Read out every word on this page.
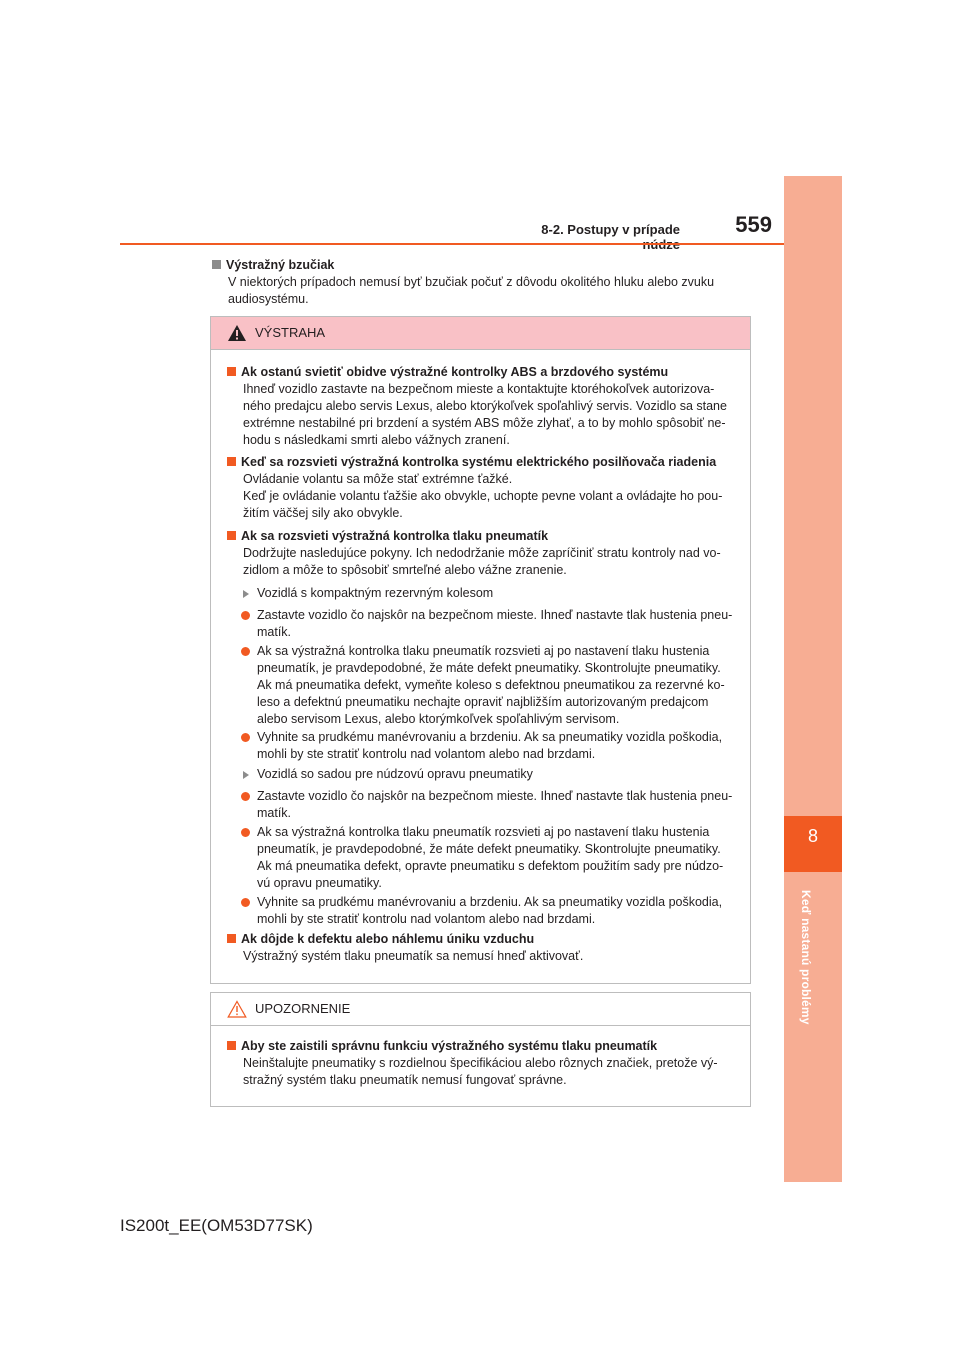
8-2. Postupy v prípade	559
8
Keď nastanú problémy
Výstražný bzučiak
V niektorých prípadoch nemusí byť bzučiak počuť z dôvodu okolitého hluku alebo zvuku
audiosystému.
VÝSTRAHA
Ak ostanú svietiť obidve výstražné kontrolky ABS a brzdového systému
Ihneď vozidlo zastavte na bezpečnom mieste a kontaktujte ktoréhokoľvek autorizova-
ného predajcu alebo servis Lexus, alebo ktorýkoľvek spoľahlivý servis. Vozidlo sa stane
extrémne nestabilné pri brzdení a systém ABS môže zlyhať, a to by mohlo spôsobiť ne-
hodu s následkami smrti alebo vážnych zranení.
Keď sa rozsvieti výstražná kontrolka systému elektrického posilňovača riadenia
Ovládanie volantu sa môže stať extrémne ťažké.
Keď je ovládanie volantu ťažšie ako obvykle, uchopte pevne volant a ovládajte ho pou-
žitím väčšej sily ako obvykle.
Ak sa rozsvieti výstražná kontrolka tlaku pneumatík
Dodržujte nasledujúce pokyny. Ich nedodržanie môže zapríčiniť stratu kontroly nad vo-
zidlom a môže to spôsobiť smrteľné alebo vážne zranenie.
Vozidlá s kompaktným rezervným kolesom
Zastavte vozidlo čo najskôr na bezpečnom mieste. Ihneď nastavte tlak hustenia pneu-
matík.
Ak sa výstražná kontrolka tlaku pneumatík rozsvieti aj po nastavení tlaku hustenia
pneumatík, je pravdepodobné, že máte defekt pneumatiky. Skontrolujte pneumatiky.
Ak má pneumatika defekt, vymeňte koleso s defektnou pneumatikou za rezervné ko-
leso a defektnú pneumatiku nechajte opraviť najbližším autorizovaným predajcom
alebo servisom Lexus, alebo ktorýmkoľvek spoľahlivým servisom.
Vyhnite sa prudkému manévrovaniu a brzdeniu. Ak sa pneumatiky vozidla poškodia,
mohli by ste stratiť kontrolu nad volantom alebo nad brzdami.
Vozidlá so sadou pre núdzovú opravu pneumatiky
Zastavte vozidlo čo najskôr na bezpečnom mieste. Ihneď nastavte tlak hustenia pneu-
matík.
Ak sa výstražná kontrolka tlaku pneumatík rozsvieti aj po nastavení tlaku hustenia
pneumatík, je pravdepodobné, že máte defekt pneumatiky. Skontrolujte pneumatiky.
Ak má pneumatika defekt, opravte pneumatiku s defektom použitím sady pre núdzo-
vú opravu pneumatiky.
Vyhnite sa prudkému manévrovaniu a brzdeniu. Ak sa pneumatiky vozidla poškodia,
mohli by ste stratiť kontrolu nad volantom alebo nad brzdami.
Ak dôjde k defektu alebo náhlemu úniku vzduchu
Výstražný systém tlaku pneumatík sa nemusí hneď aktivovať.
UPOZORNENIE
Aby ste zaistili správnu funkciu výstražného systému tlaku pneumatík
Neinštalujte pneumatiky s rozdielnou špecifikáciou alebo rôznych značiek, pretože vý-
stražný systém tlaku pneumatík nemusí fungovať správne.
IS200t_EE(OM53D77SK)
